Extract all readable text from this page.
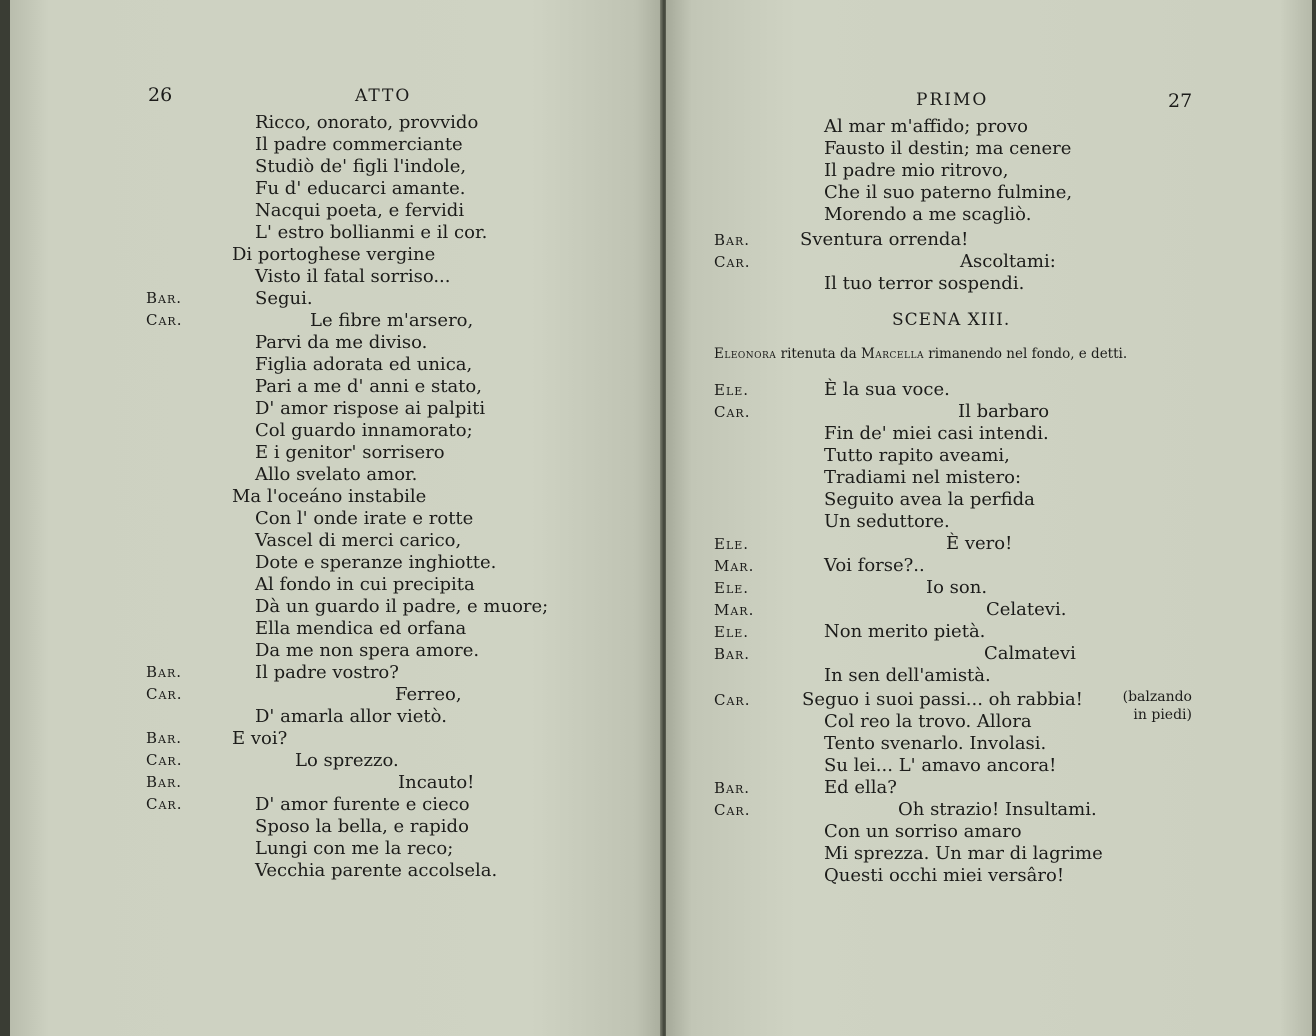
26	ATTO
Ricco, onorato, provvido
Il padre commerciante
Studiò de' figli l'indole,
Fu d' educarci amante.
Nacqui poeta, e fervidi
L' estro bollianmi e il cor.
Di portoghese vergine
Visto il fatal sorriso...
Bar.	Segui.
Car.	Le fibre m'arsero,
Parvi da me diviso.
Figlia adorata ed unica,
Pari a me d' anni e stato,
D' amor rispose ai palpiti
Col guardo innamorato;
E i genitor' sorrisero
Allo svelato amor.
Ma l'oceáno instabile
Con l' onde irate e rotte
Vascel di merci carico,
Dote e speranze inghiotte.
Al fondo in cui precipita
Dà un guardo il padre, e muore;
Ella mendica ed orfana
Da me non spera amore.
Bar.	Il padre vostro?
Car.	Ferreo,
D' amarla allor vietò.
Bar.	E voi?
Car.	Lo sprezzo.
Bar.	Incauto!
Car.	D' amor furente e cieco
Sposo la bella, e rapido
Lungi con me la reco;
Vecchia parente accolsela.
PRIMO	27
Al mar m'affido; provo
Fausto il destin; ma cenere
Il padre mio ritrovo,
Che il suo paterno fulmine,
Morendo a me scagliò.
Bar.	Sventura orrenda!
Car.	Ascoltami:
Il tuo terror sospendi.
SCENA XIII.
Eleonora ritenuta da Marcella rimanendo nel fondo, e detti.
Ele.	È la sua voce.
Car.	Il barbaro
Fin de' miei casi intendi.
Tutto rapito aveami,
Tradiami nel mistero:
Seguito avea la perfida
Un seduttore.
Ele.	È vero!
Mar.	Voi forse?..
Ele.	Io son.
Mar.	Celatevi.
Ele.	Non merito pietà.
Bar.	Calmatevi
In sen dell'amistà.
Car.	Seguo i suoi passi... oh rabbia!
Col reo la trovo. Allora
Tento svenarlo. Involasi.
Su lei... L' amavo ancora!
Bar.	Ed ella?
Car.	Oh strazio! Insultami.
Con un sorriso amaro
Mi sprezza. Un mar di lagrime
Questi occhi miei versâro!
(balzando
in piedi)
